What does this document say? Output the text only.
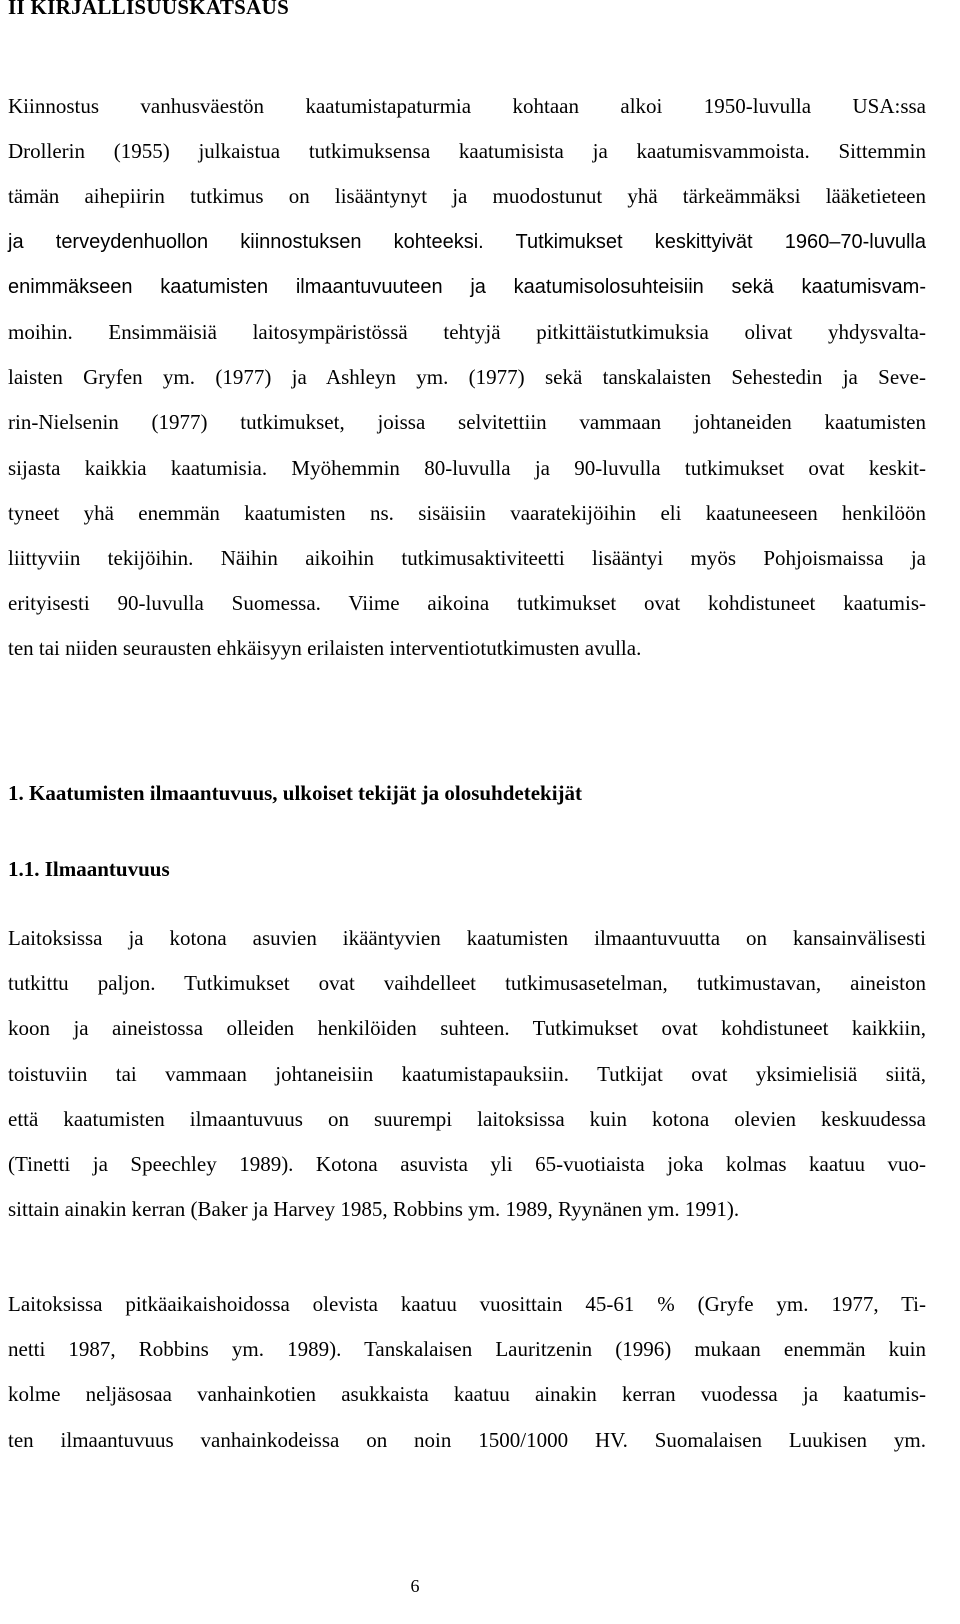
II KIRJALLISUUSKATSAUS

Kiinnostus vanhusväestön kaatumistapaturmia kohtaan alkoi 1950-luvulla USA:ssa
Drollerin (1955) julkaistua tutkimuksensa kaatumisista ja kaatumisvammoista. Sittemmin
tämän aihepiirin tutkimus on lisääntynyt ja muodostunut yhä tärkeämmäksi lääketieteen
ja terveydenhuollon kiinnostuksen kohteeksi. Tutkimukset keskittyivät 1960–70-luvulla
enimmäkseen kaatumisten ilmaantuvuuteen ja kaatumisolosuhteisiin sekä kaatumisvam-
moihin. Ensimmäisiä laitosympäristössä tehtyjä pitkittäistutkimuksia olivat yhdysvalta-
laisten Gryfen ym. (1977) ja Ashleyn ym. (1977) sekä tanskalaisten Sehestedin ja Seve-
rin-Nielsenin (1977) tutkimukset, joissa selvitettiin vammaan johtaneiden kaatumisten
sijasta kaikkia kaatumisia. Myöhemmin 80-luvulla ja 90-luvulla tutkimukset ovat keskit-
tyneet yhä enemmän kaatumisten ns. sisäisiin vaaratekijöihin eli kaatuneeseen henkilöön
liittyviin tekijöihin. Näihin aikoihin tutkimusaktiviteetti lisääntyi myös Pohjoismaissa ja
erityisesti 90-luvulla Suomessa. Viime aikoina tutkimukset ovat kohdistuneet kaatumis-
ten tai niiden seurausten ehkäisyyn erilaisten interventiotutkimusten avulla.

1. Kaatumisten ilmaantuvuus, ulkoiset tekijät ja olosuhdetekijät
1.1. Ilmaantuvuus

Laitoksissa ja kotona asuvien ikääntyvien kaatumisten ilmaantuvuutta on kansainvälisesti
tutkittu paljon. Tutkimukset ovat vaihdelleet tutkimusasetelman, tutkimustavan, aineiston
koon ja aineistossa olleiden henkilöiden suhteen. Tutkimukset ovat kohdistuneet kaikkiin,
toistuviin tai vammaan johtaneisiin kaatumistapauksiin. Tutkijat ovat yksimielisiä siitä,
että kaatumisten ilmaantuvuus on suurempi laitoksissa kuin kotona olevien keskuudessa
(Tinetti ja Speechley 1989). Kotona asuvista yli 65-vuotiaista joka kolmas kaatuu vuo-
sittain ainakin kerran (Baker ja Harvey 1985, Robbins ym. 1989, Ryynänen ym. 1991).

Laitoksissa pitkäaikaishoidossa olevista kaatuu vuosittain 45-61 % (Gryfe ym. 1977, Ti-
netti 1987, Robbins ym. 1989). Tanskalaisen Lauritzenin (1996) mukaan enemmän kuin
kolme neljäsosaa vanhainkotien asukkaista kaatuu ainakin kerran vuodessa ja kaatumis-
ten ilmaantuvuus vanhainkodeissa on noin 1500/1000 HV. Suomalaisen Luukisen ym.

6
